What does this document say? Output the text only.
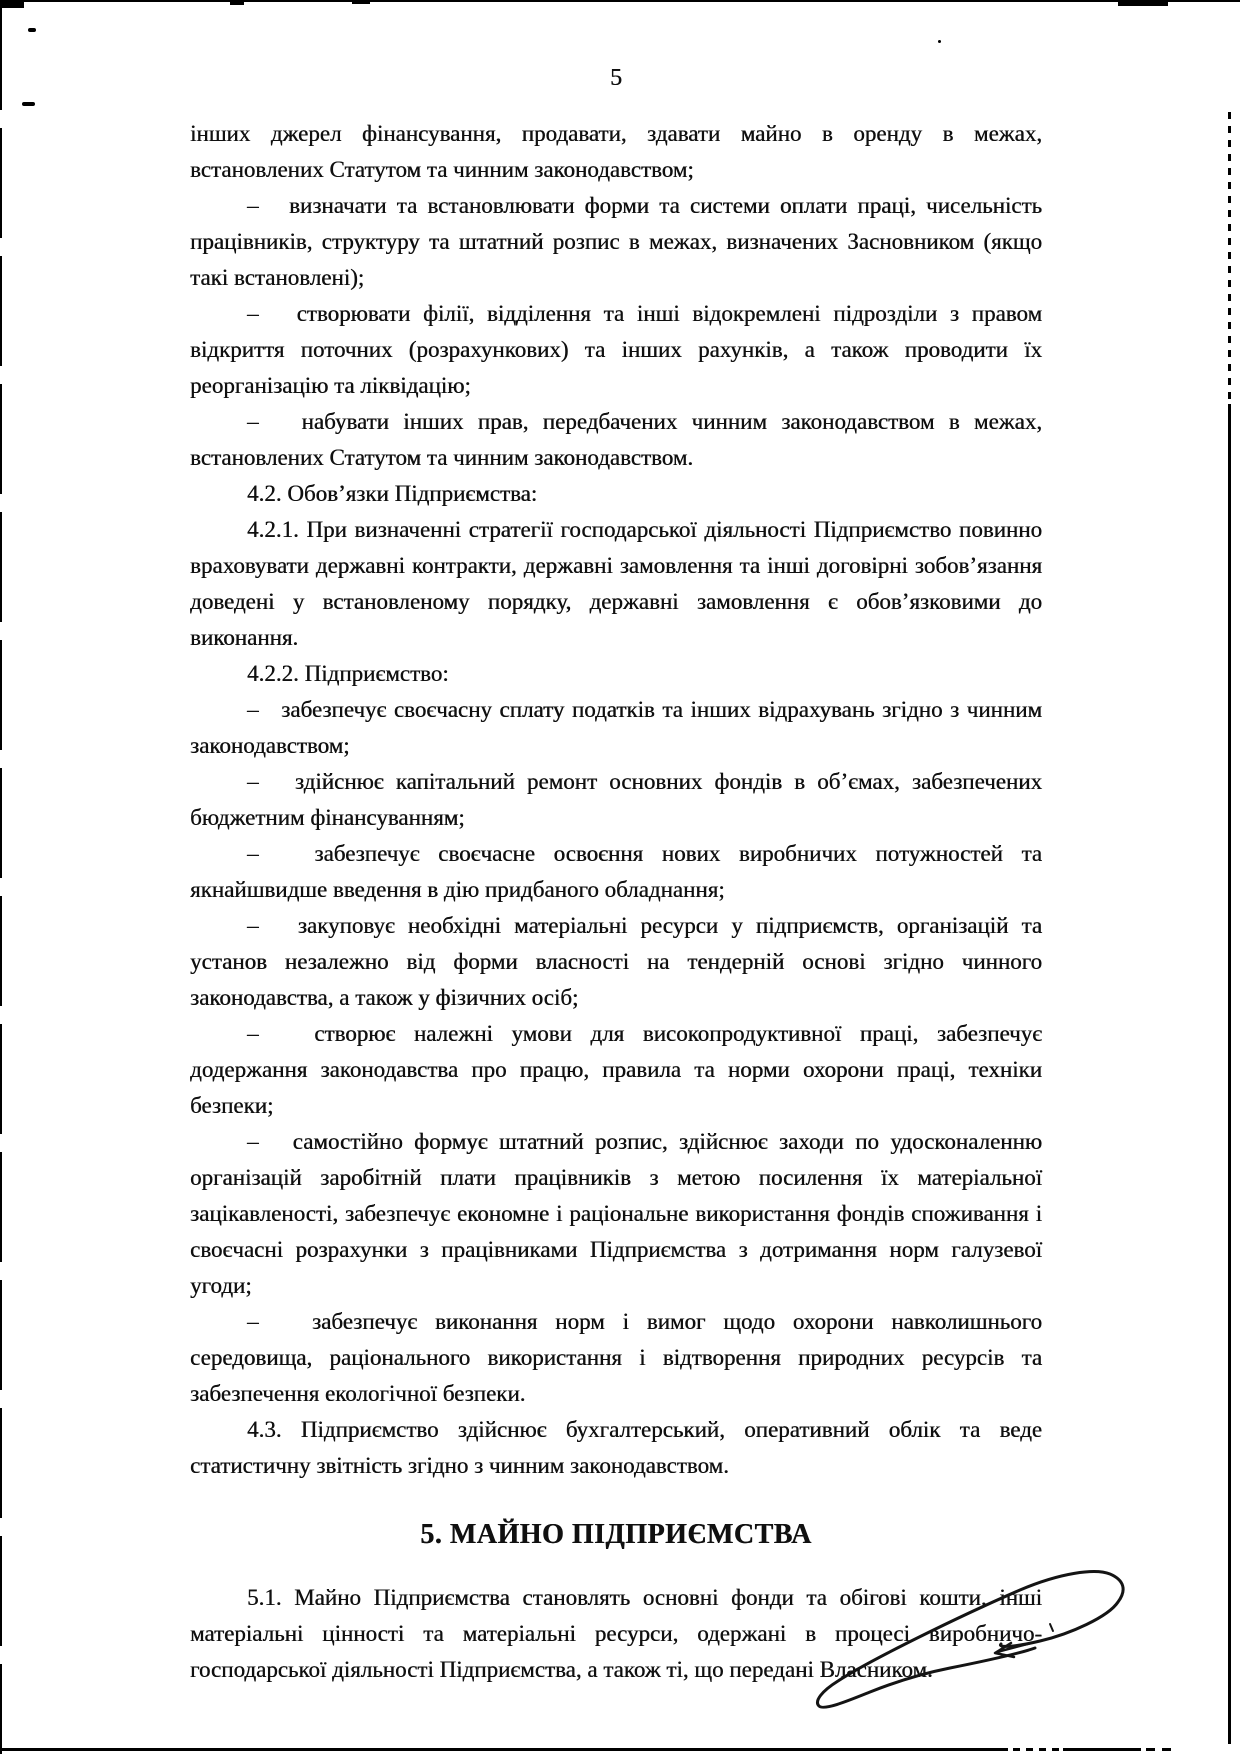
5

інших джерел фінансування, продавати, здавати майно в оренду в межах, встановлених Статутом та чинним законодавством;

–   визначати та встановлювати форми та системи оплати праці, чисельність працівників, структуру та штатний розпис в межах, визначених Засновником (якщо такі встановлені);

–   створювати філії, відділення та інші відокремлені підрозділи з правом відкриття поточних (розрахункових) та інших рахунків, а також проводити їх реорганізацію та ліквідацію;

–   набувати інших прав, передбачених чинним законодавством в межах, встановлених Статутом та чинним законодавством.

4.2. Обов’язки Підприємства:

4.2.1. При визначенні стратегії господарської діяльності Підприємство повинно враховувати державні контракти, державні замовлення та інші договірні зобов’язання доведені у встановленому порядку, державні замовлення є обов’язковими до виконання.

4.2.2. Підприємство:

–   забезпечує своєчасну сплату податків та інших відрахувань згідно з чинним законодавством;

–   здійснює капітальний ремонт основних фондів в об’ємах, забезпечених бюджетним фінансуванням;

–   забезпечує своєчасне освоєння нових виробничих потужностей та якнайшвидше введення в дію придбаного обладнання;

–   закуповує необхідні матеріальні ресурси у підприємств, організацій та установ незалежно від форми власності на тендерній основі згідно чинного законодавства, а також у фізичних осіб;

–   створює належні умови для високопродуктивної праці, забезпечує додержання законодавства про працю, правила та норми охорони праці, техніки безпеки;

–   самостійно формує штатний розпис, здійснює заходи по удосконаленню організацій заробітній плати працівників з метою посилення їх матеріальної зацікавленості, забезпечує економне і раціональне використання фондів споживання і своєчасні розрахунки з працівниками Підприємства з дотримання норм галузевої угоди;

–   забезпечує виконання норм і вимог щодо охорони навколишнього середовища, раціонального використання і відтворення природних ресурсів та забезпечення екологічної безпеки.

4.3. Підприємство здійснює бухгалтерський, оперативний облік та веде статистичну звітність згідно з чинним законодавством.

5. МАЙНО ПІДПРИЄМСТВА

5.1. Майно Підприємства становлять основні фонди та обігові кошти, інші матеріальні цінності та матеріальні ресурси, одержані в процесі виробничо-господарської діяльності Підприємства, а також ті, що передані Власником.
